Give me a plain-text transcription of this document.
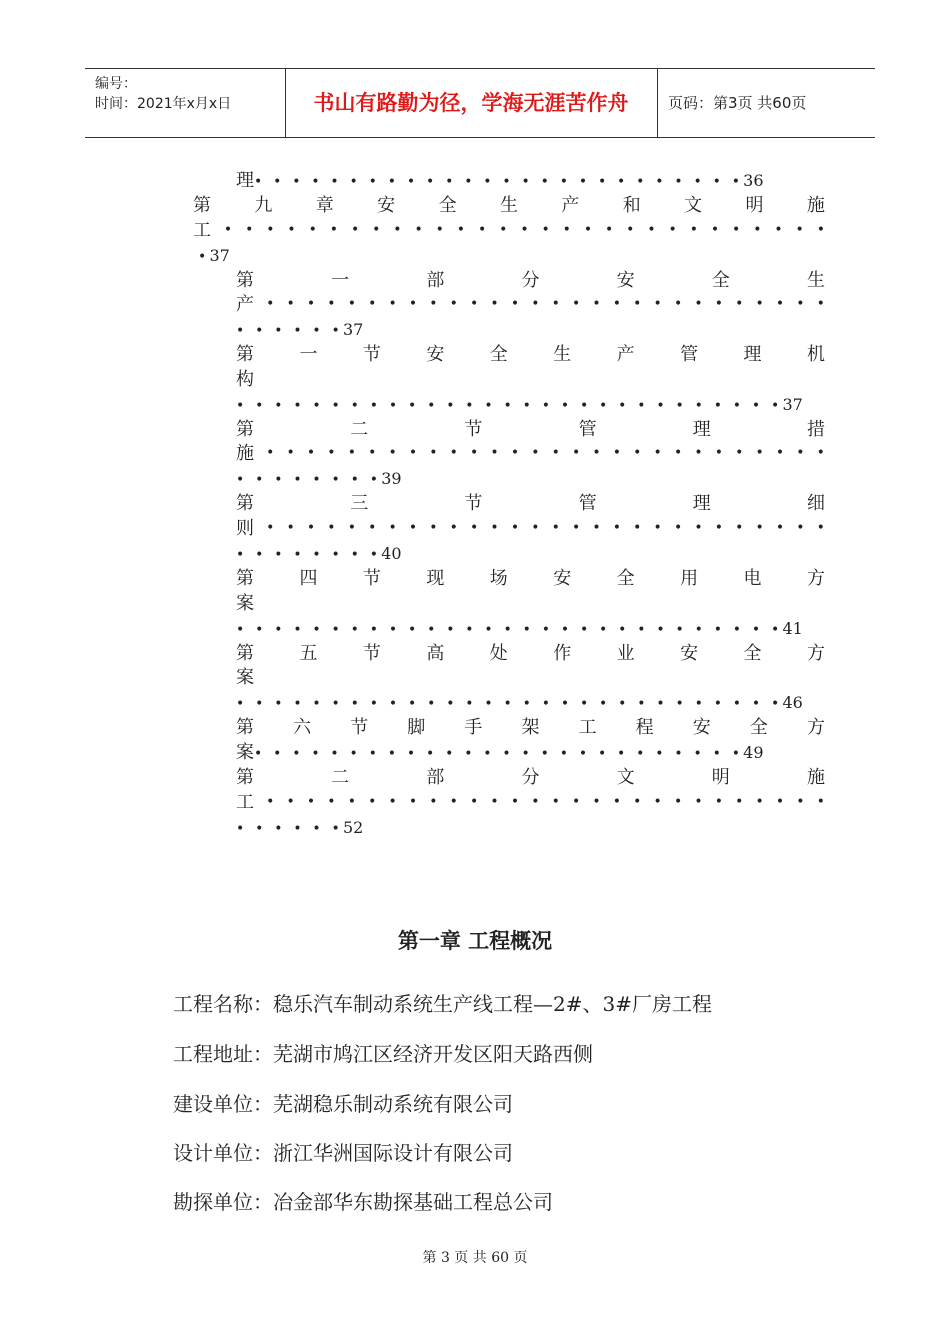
编号：
时间：2021年x月x日	书山有路勤为径，学海无涯苦作舟	页码：第3页 共60页
理• • • • • • • • • • • • • • • • • • • • • • • • • •36
第 九 章 安 全 生 产 和 文 明 施
工 • • • • • • • • • • • • • • • • • • • • • • • • • • • • •
•37
第	一	部	分	安	全	生
产 • • • • • • • • • • • • • • • • • • • • • • • • • • • •
• • • • • •37
第	一	节	安	全	生	产	管	理	机
构
• • • • • • • • • • • • • • • • • • • • • • • • • • • • •37
第	二	节	管	理	措
施 • • • • • • • • • • • • • • • • • • • • • • • • • • • •
• • • • • • • •39
第	三	节	管	理	细
则 • • • • • • • • • • • • • • • • • • • • • • • • • • • •
• • • • • • • •40
第	四	节	现	场	安	全	用	电	方
案
• • • • • • • • • • • • • • • • • • • • • • • • • • • • •41
第	五	节	高	处	作	业	安	全	方
案
• • • • • • • • • • • • • • • • • • • • • • • • • • • • •46
第 六 节 脚 手 架 工 程 安 全 方
案• • • • • • • • • • • • • • • • • • • • • • • • • •49
第	二	部	分	文	明	施
工 • • • • • • • • • • • • • • • • • • • • • • • • • • • •
• • • • • •52
第一章 工程概况
工程名称：稳乐汽车制动系统生产线工程—2#、3#厂房工程
工程地址：芜湖市鸠江区经济开发区阳天路西侧
建设单位：芜湖稳乐制动系统有限公司
设计单位：浙江华洲国际设计有限公司
勘探单位：冶金部华东勘探基础工程总公司
第 3 页 共 60 页
